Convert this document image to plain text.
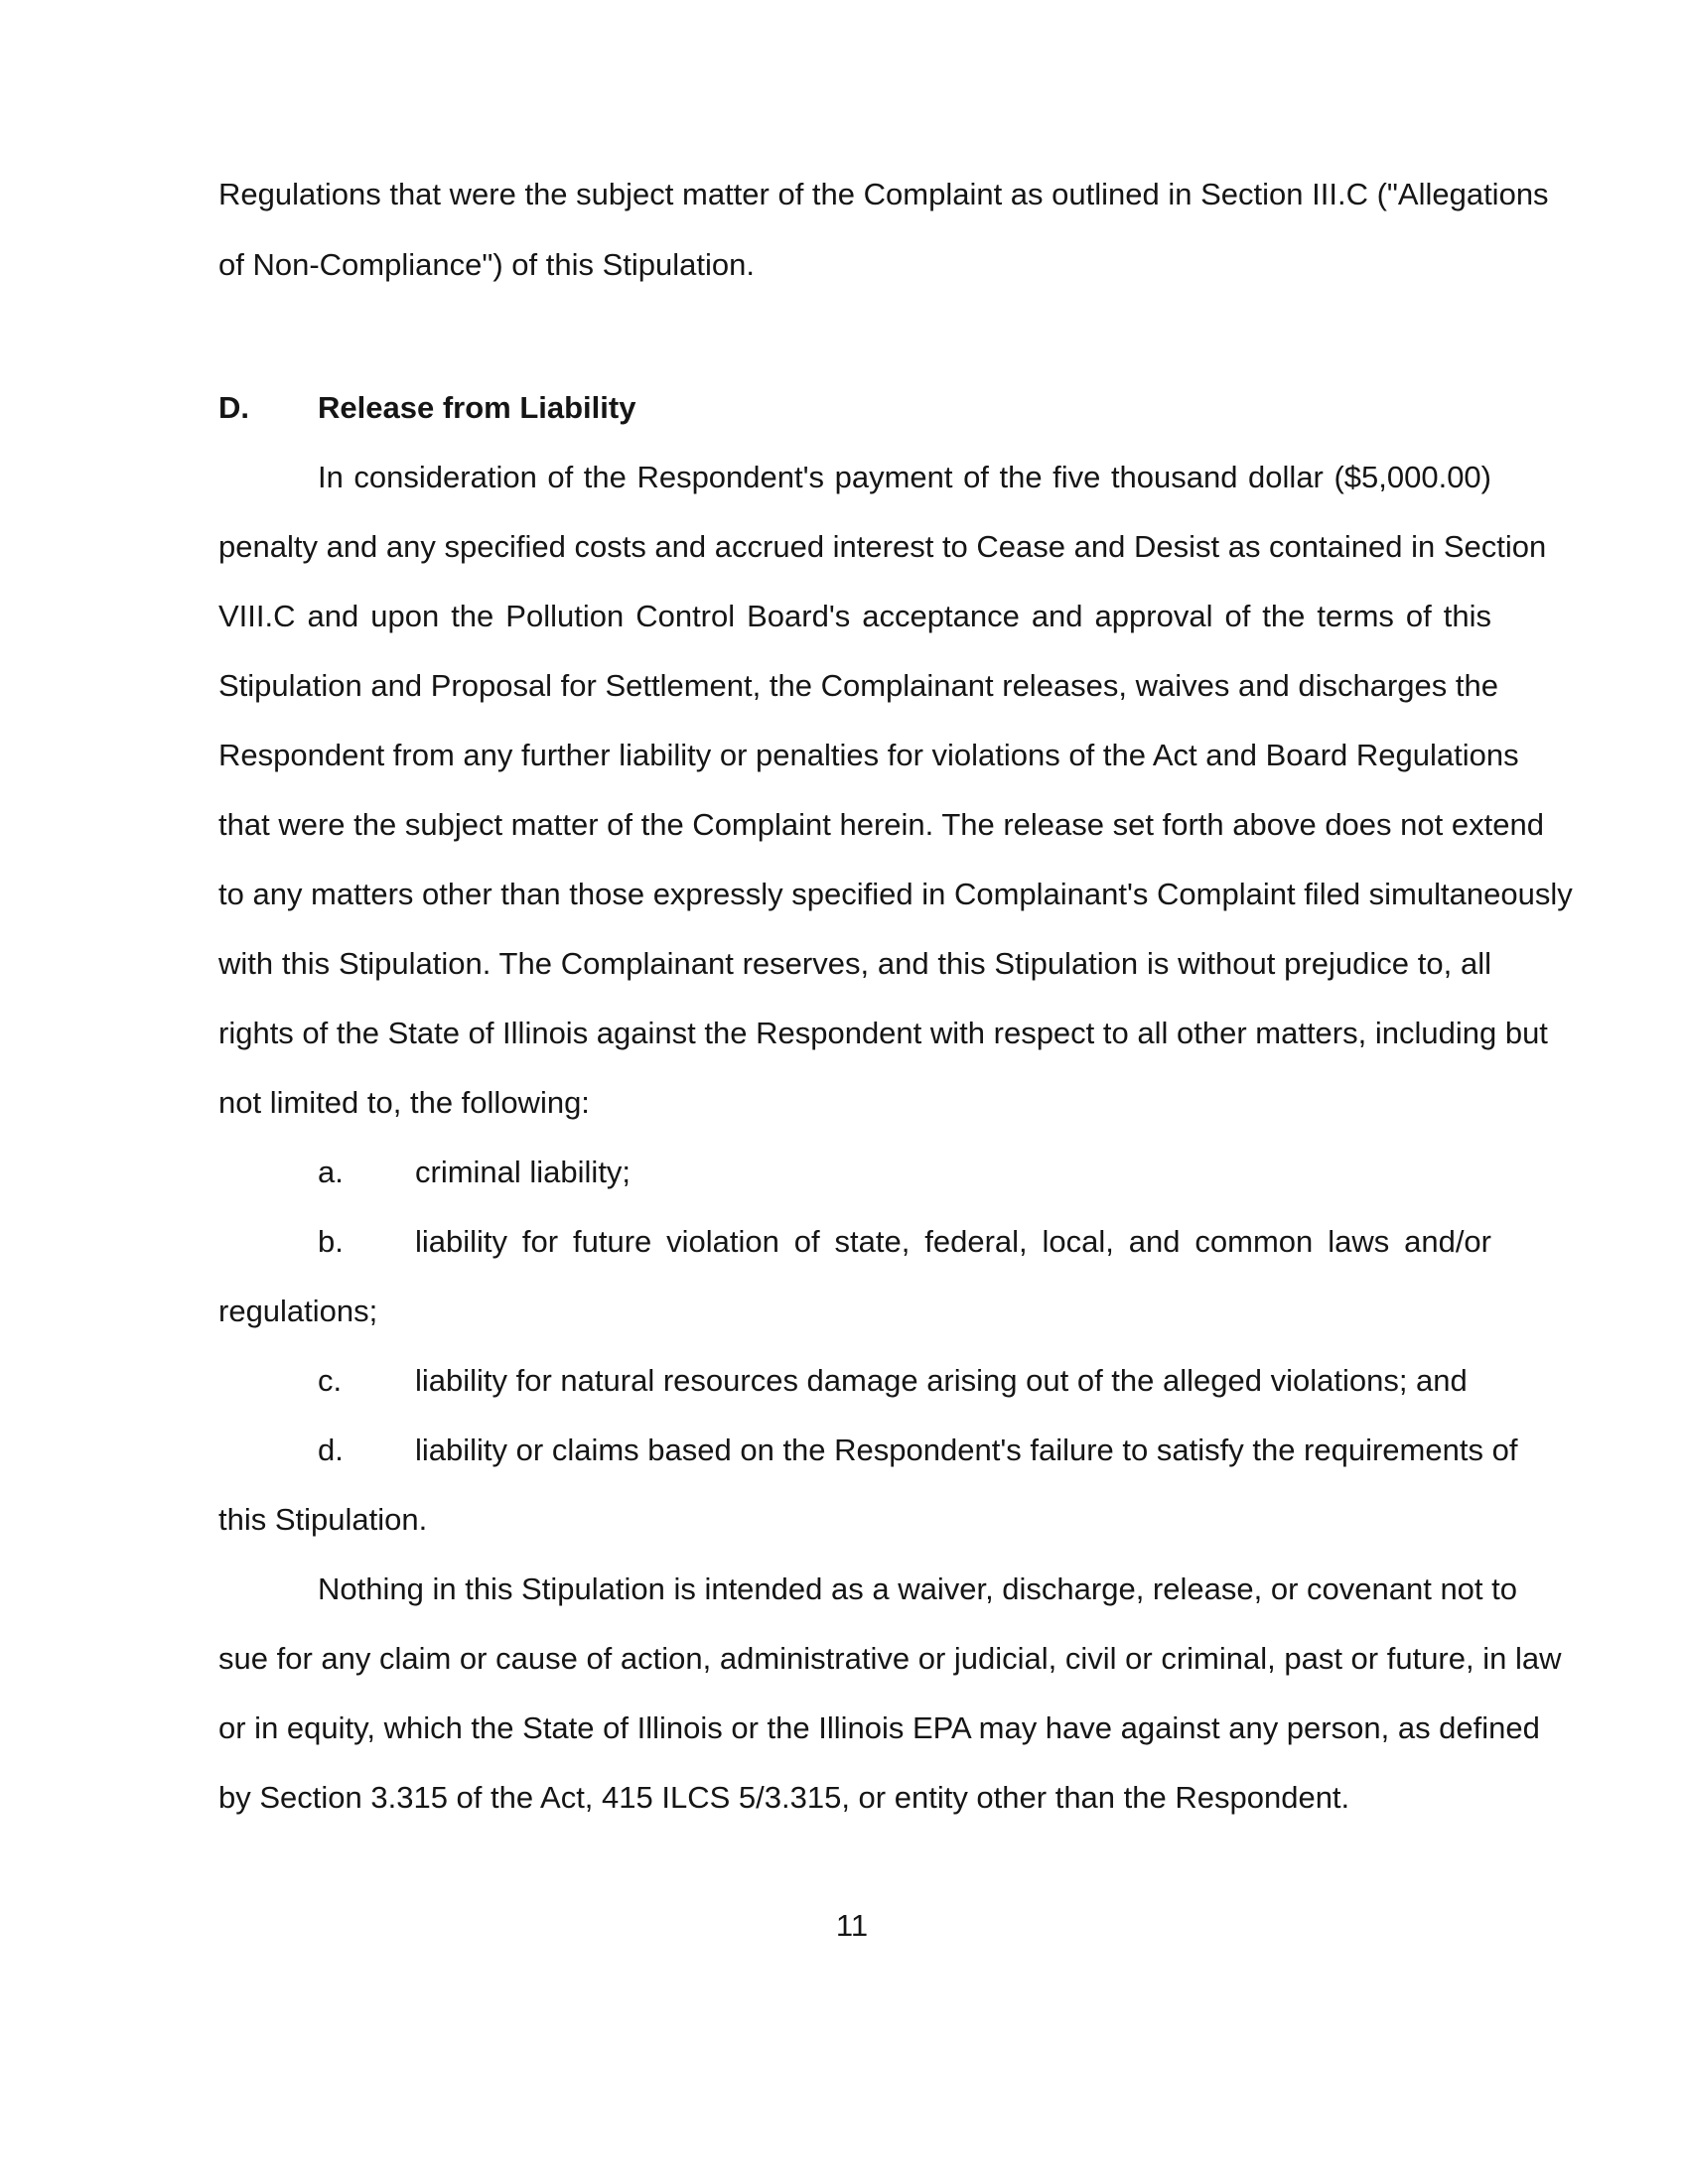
Regulations that were the subject matter of the Complaint as outlined in Section III.C ("Allegations
of Non-Compliance") of this Stipulation.
D. Release from Liability
In consideration of the Respondent's payment of the five thousand dollar ($5,000.00)
penalty and any specified costs and accrued interest to Cease and Desist as contained in Section
VIII.C and upon the Pollution Control Board's acceptance and approval of the terms of this
Stipulation and Proposal for Settlement, the Complainant releases, waives and discharges the
Respondent from any further liability or penalties for violations of the Act and Board Regulations
that were the subject matter of the Complaint herein. The release set forth above does not extend
to any matters other than those expressly specified in Complainant's Complaint filed simultaneously
with this Stipulation. The Complainant reserves, and this Stipulation is without prejudice to, all
rights of the State of Illinois against the Respondent with respect to all other matters, including but
not limited to, the following:
a. criminal liability;
b. liability for future violation of state, federal, local, and common laws and/or
regulations;
c. liability for natural resources damage arising out of the alleged violations; and
d. liability or claims based on the Respondent's failure to satisfy the requirements of
this Stipulation.
Nothing in this Stipulation is intended as a waiver, discharge, release, or covenant not to
sue for any claim or cause of action, administrative or judicial, civil or criminal, past or future, in law
or in equity, which the State of Illinois or the Illinois EPA may have against any person, as defined
by Section 3.315 of the Act, 415 ILCS 5/3.315, or entity other than the Respondent.
11
